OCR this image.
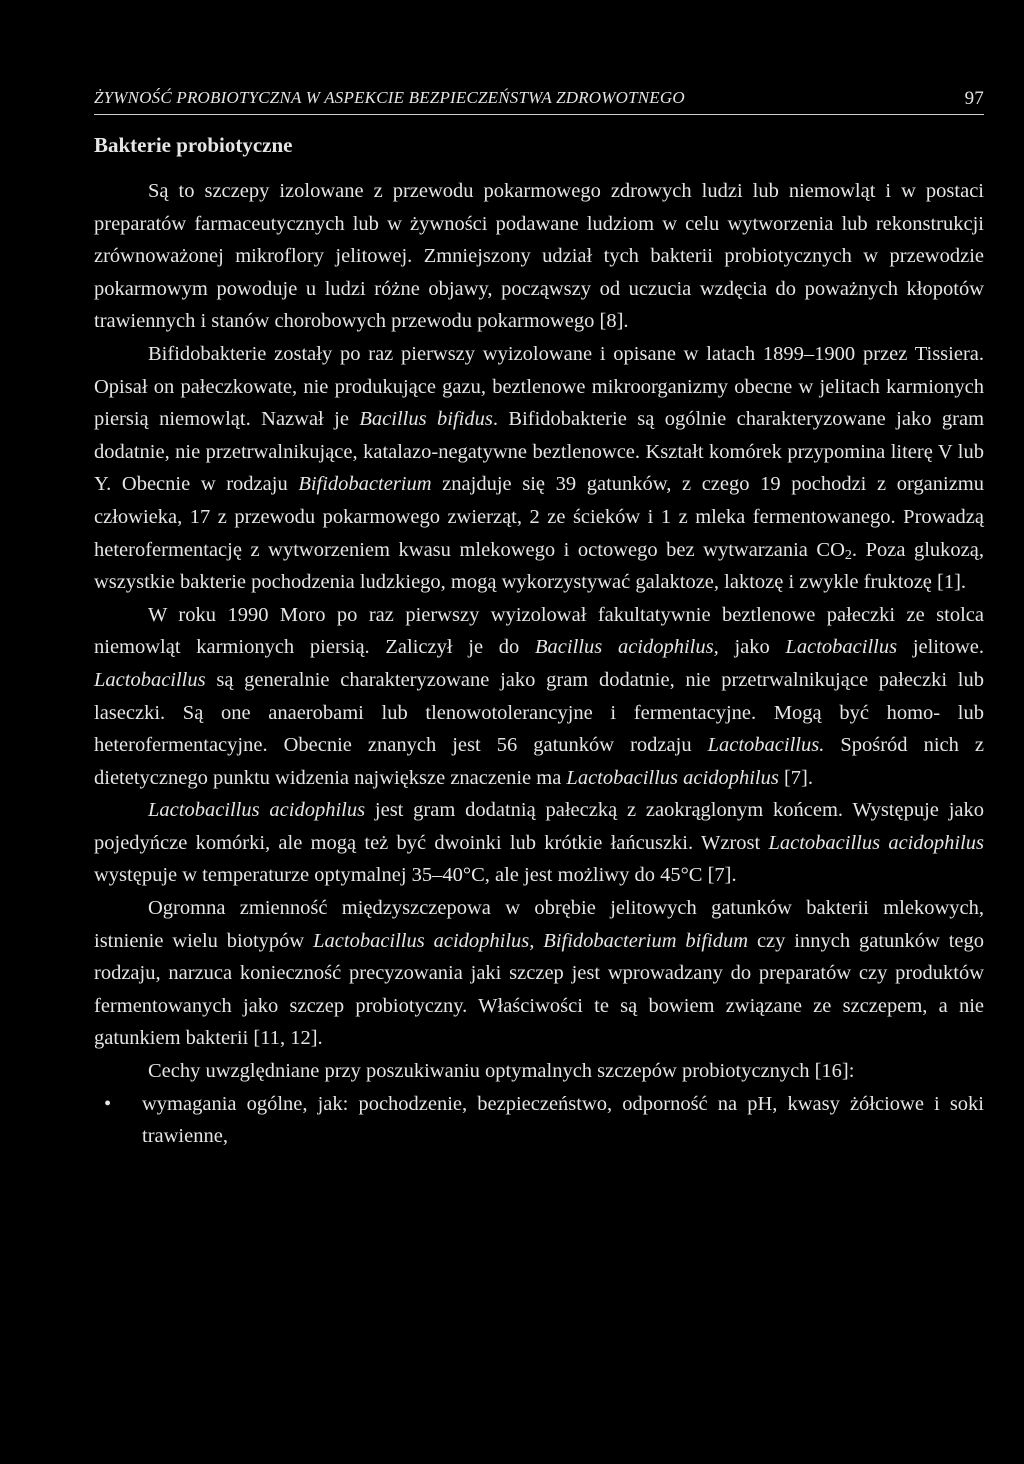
ŻYWNOŚĆ PROBIOTYCZNA W ASPEKCIE BEZPIECZEŃSTWA ZDROWOTNEGO	97
Bakterie probiotyczne

Są to szczepy izolowane z przewodu pokarmowego zdrowych ludzi lub niemowląt i w postaci preparatów farmaceutycznych lub w żywności podawane ludziom w celu wytworzenia lub rekonstrukcji zrównoważonej mikroflory jelitowej. Zmniejszony udział tych bakterii probiotycznych w przewodzie pokarmowym powoduje u ludzi różne objawy, począwszy od uczucia wzdęcia do poważnych kłopotów trawiennych i stanów chorobowych przewodu pokarmowego [8].

Bifidobakterie zostały po raz pierwszy wyizolowane i opisane w latach 1899–1900 przez Tissiera. Opisał on pałeczkowate, nie produkujące gazu, beztlenowe mikroorganizmy obecne w jelitach karmionych piersią niemowląt. Nazwał je Bacillus bifidus. Bifidobakterie są ogólnie charakteryzowane jako gram dodatnie, nie przetrwalnikujące, katalazo-negatywne beztlenowce. Kształt komórek przypomina literę V lub Y. Obecnie w rodzaju Bifidobacterium znajduje się 39 gatunków, z czego 19 pochodzi z organizmu człowieka, 17 z przewodu pokarmowego zwierząt, 2 ze ścieków i 1 z mleka fermentowanego. Prowadzą heterofermentację z wytworzeniem kwasu mlekowego i octowego bez wytwarzania $CO_2$. Poza glukozą, wszystkie bakterie pochodzenia ludzkiego, mogą wykorzystywać galaktoze, laktozę i zwykle fruktozę [1].

W roku 1990 Moro po raz pierwszy wyizolował fakultatywnie beztlenowe pałeczki ze stolca niemowląt karmionych piersią. Zaliczył je do Bacillus acidophilus, jako Lactobacillus jelitowe. Lactobacillus są generalnie charakteryzowane jako gram dodatnie, nie przetrwalnikujące pałeczki lub laseczki. Są one anaerobami lub tlenowotolerancyjne i fermentacyjne. Mogą być homo- lub heterofermentacyjne. Obecnie znanych jest 56 gatunków rodzaju Lactobacillus. Spośród nich z dietetycznego punktu widzenia największe znaczenie ma Lactobacillus acidophilus [7].

Lactobacillus acidophilus jest gram dodatnią pałeczką z zaokrąglonym końcem. Występuje jako pojedyńcze komórki, ale mogą też być dwoinki lub krótkie łańcuszki. Wzrost Lactobacillus acidophilus występuje w temperaturze optymalnej 35–40°C, ale jest możliwy do 45°C [7].

Ogromna zmienność międzyszczepowa w obrębie jelitowych gatunków bakterii mlekowych, istnienie wielu biotypów Lactobacillus acidophilus, Bifidobacterium bifidum czy innych gatunków tego rodzaju, narzuca konieczność precyzowania jaki szczep jest wprowadzany do preparatów czy produktów fermentowanych jako szczep probiotyczny. Właściwości te są bowiem związane ze szczepem, a nie gatunkiem bakterii [11, 12].

Cechy uwzględniane przy poszukiwaniu optymalnych szczepów probiotycznych [16]:

• wymagania ogólne, jak: pochodzenie, bezpieczeństwo, odporność na pH, kwasy żółciowe i soki trawienne,
